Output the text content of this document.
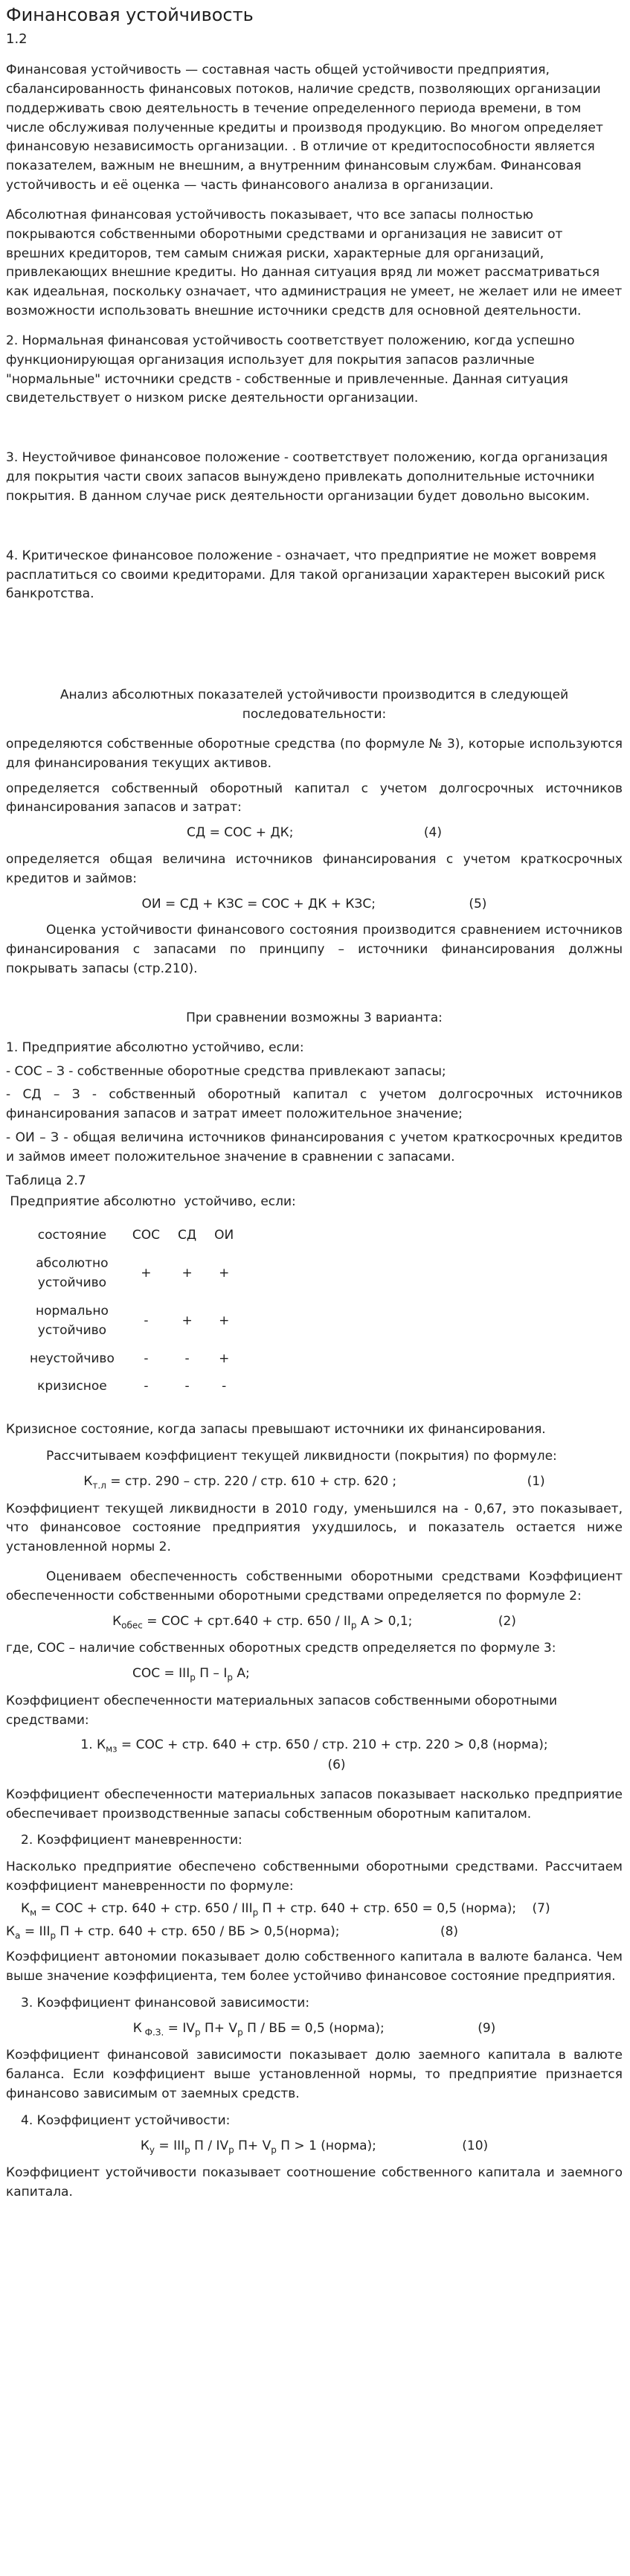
Финансовая устойчивость
1.2

Финансовая устойчивость — составная часть общей устойчивости предприятия, сбалансированность финансовых потоков, наличие средств, позволяющих организации поддерживать свою деятельность в течение определенного периода времени, в том числе обслуживая полученные кредиты и производя продукцию. Во многом определяет финансовую независимость организации. . В отличие от кредитоспособности является показателем, важным не внешним, а внутренним финансовым службам. Финансовая устойчивость и её оценка — часть финансового анализа в организации.

Абсолютная финансовая устойчивость показывает, что все запасы полностью покрываются собственными оборотными средствами и организация не зависит от врешних кредиторов, тем самым снижая риски, характерные для организаций, привлекающих внешние кредиты. Но данная ситуация вряд ли может рассматриваться как идеальная, поскольку означает, что администрация не умеет, не желает или не имеет возможности использовать внешние источники средств для основной деятельности.

2. Нормальная финансовая устойчивость соответствует положению, когда успешно функционирующая организация использует для покрытия запасов различные "нормальные" источники средств - собственные и привлеченные. Данная ситуация свидетельствует о низком риске деятельности организации.

3. Неустойчивое финансовое положение - соответствует положению, когда организация для покрытия части своих запасов вынуждено привлекать дополнительные источники покрытия. В данном случае риск деятельности организации будет довольно высоким.

4. Критическое финансовое положение - означает, что предприятие не может вовремя расплатиться со своими кредиторами. Для такой организации характерен высокий риск банкротства.

Анализ абсолютных показателей устойчивости производится в следующей последовательности:

определяются собственные оборотные средства (по формуле № 3), которые используются для финансирования текущих активов.

определяется собственный оборотный капитал с учетом долгосрочных источников финансирования запасов и затрат:

СД = СОС + ДК;	(4)

определяется общая величина источников финансирования с учетом краткосрочных кредитов и займов:

ОИ = СД + КЗС = СОС + ДК + КЗС;	(5)

Оценка устойчивости финансового состояния производится сравнением источников финансирования с запасами по принципу – источники финансирования должны покрывать запасы (стр.210).

При сравнении возможны 3 варианта:

1. Предприятие абсолютно устойчиво, если:

- СОС – З - собственные оборотные средства привлекают запасы;

- СД – З - собственный оборотный капитал с учетом долгосрочных источников финансирования запасов и затрат имеет положительное значение;

- ОИ – З - общая величина источников финансирования с учетом краткосрочных кредитов и займов имеет положительное значение в сравнении с запасами.

Таблица 2.7

Предприятие абсолютно  устойчиво, если:

состояние	СОС	СД	ОИ
абсолютно устойчиво	+	+	+
нормально устойчиво	-	+	+
неустойчиво	-	-	+
кризисное	-	-	-

Кризисное состояние, когда запасы превышают источники их финансирования.

Рассчитываем коэффициент текущей ликвидности (покрытия) по формуле:

$К_{т.л}$ = стр. 290 – стр. 220 / стр. 610 + стр. 620 ;	(1)

Коэффициент текущей ликвидности в 2010 году, уменьшился на - 0,67, это показывает, что финансовое состояние предприятия ухудшилось, и показатель остается ниже установленной нормы 2.

Оцениваем обеспеченность собственными оборотными средствами Коэффициент обеспеченности собственными оборотными средствами определяется по формуле 2:

$К_{обес}$ = СОС + срт.640 + стр. $650 / II_р$ А > 0,1;	(2)

где, СОС – наличие собственных оборотных средств определяется по формуле 3:

СОС = $III_р$ П – $I_р$ А;

Коэффициент обеспеченности материальных запасов собственными оборотными средствами:

1. $К_{мз}$ = СОС + стр. 640 + стр. 650 / стр. 210 + стр. 220 > 0,8 (норма);
(6)

Коэффициент обеспеченности материальных запасов показывает насколько предприятие обеспечивает производственные запасы собственным оборотным капиталом.

2. Коэффициент маневренности:

Насколько предприятие обеспечено собственными оборотными средствами. Рассчитаем коэффициент маневренности по формуле:

$К_м$ = СОС + стр. 640 + стр. $650 / III_р$ П + стр. 640 + стр. 650 = 0,5 (норма); (7)
$К_а = III_р$ П + стр. 640 + стр. 650 / ВБ > 0,5(норма);	(8)

Коэффициент автономии показывает долю собственного капитала в валюте баланса. Чем выше значение коэффициента, тем более устойчиво финансовое состояние предприятия.

3. Коэффициент финансовой зависимости:

К $_{Ф.З.} = IV_р$ $П+ V_р$ П / ВБ = 0,5 (норма);	(9)

Коэффициент финансовой зависимости показывает долю заемного капитала в валюте баланса. Если коэффициент выше установленной нормы, то предприятие признается финансово зависимым от заемных средств.

4. Коэффициент устойчивости:

$К_у = III_р$ П / $IV_р$ $П+ V_р$ П > 1 (норма);	(10)

Коэффициент устойчивости показывает соотношение собственного капитала и заемного капитала.
